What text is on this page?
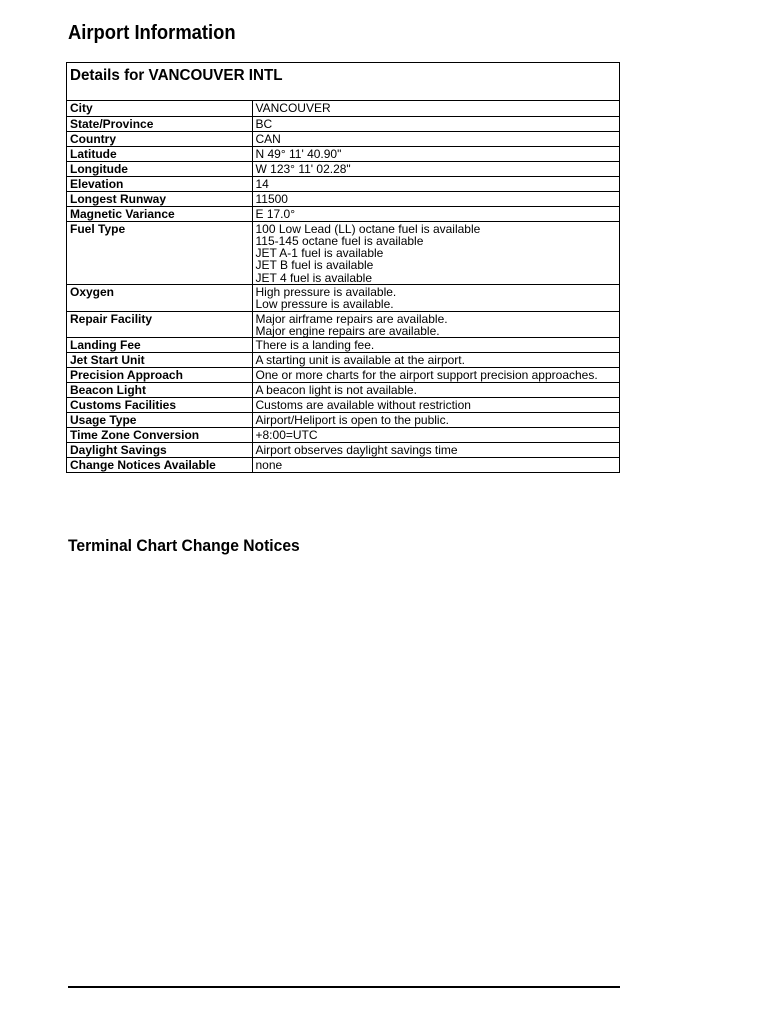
Airport Information
Details for VANCOUVER INTL
City	VANCOUVER

State/Province	BC

Country	CAN

Latitude	N 49° 11' 40.90"

Longitude	W 123° 11' 02.28"

Elevation	14

Longest Runway	11500

Magnetic Variance	E 17.0°

Fuel Type	100 Low Lead (LL) octane fuel is available
115-145 octane fuel is available
JET A-1 fuel is available
JET B fuel is available
JET 4 fuel is available

Oxygen	High pressure is available.
Low pressure is available.

Repair Facility	Major airframe repairs are available.
Major engine repairs are available.

Landing Fee	There is a landing fee.

Jet Start Unit	A starting unit is available at the airport.

Precision Approach	One or more charts for the airport support precision approaches.

Beacon Light	A beacon light is not available.

Customs Facilities	Customs are available without restriction

Usage Type	Airport/Heliport is open to the public.

Time Zone Conversion	+8:00=UTC

Daylight Savings	Airport observes daylight savings time

Change Notices Available	none
Terminal Chart Change Notices
